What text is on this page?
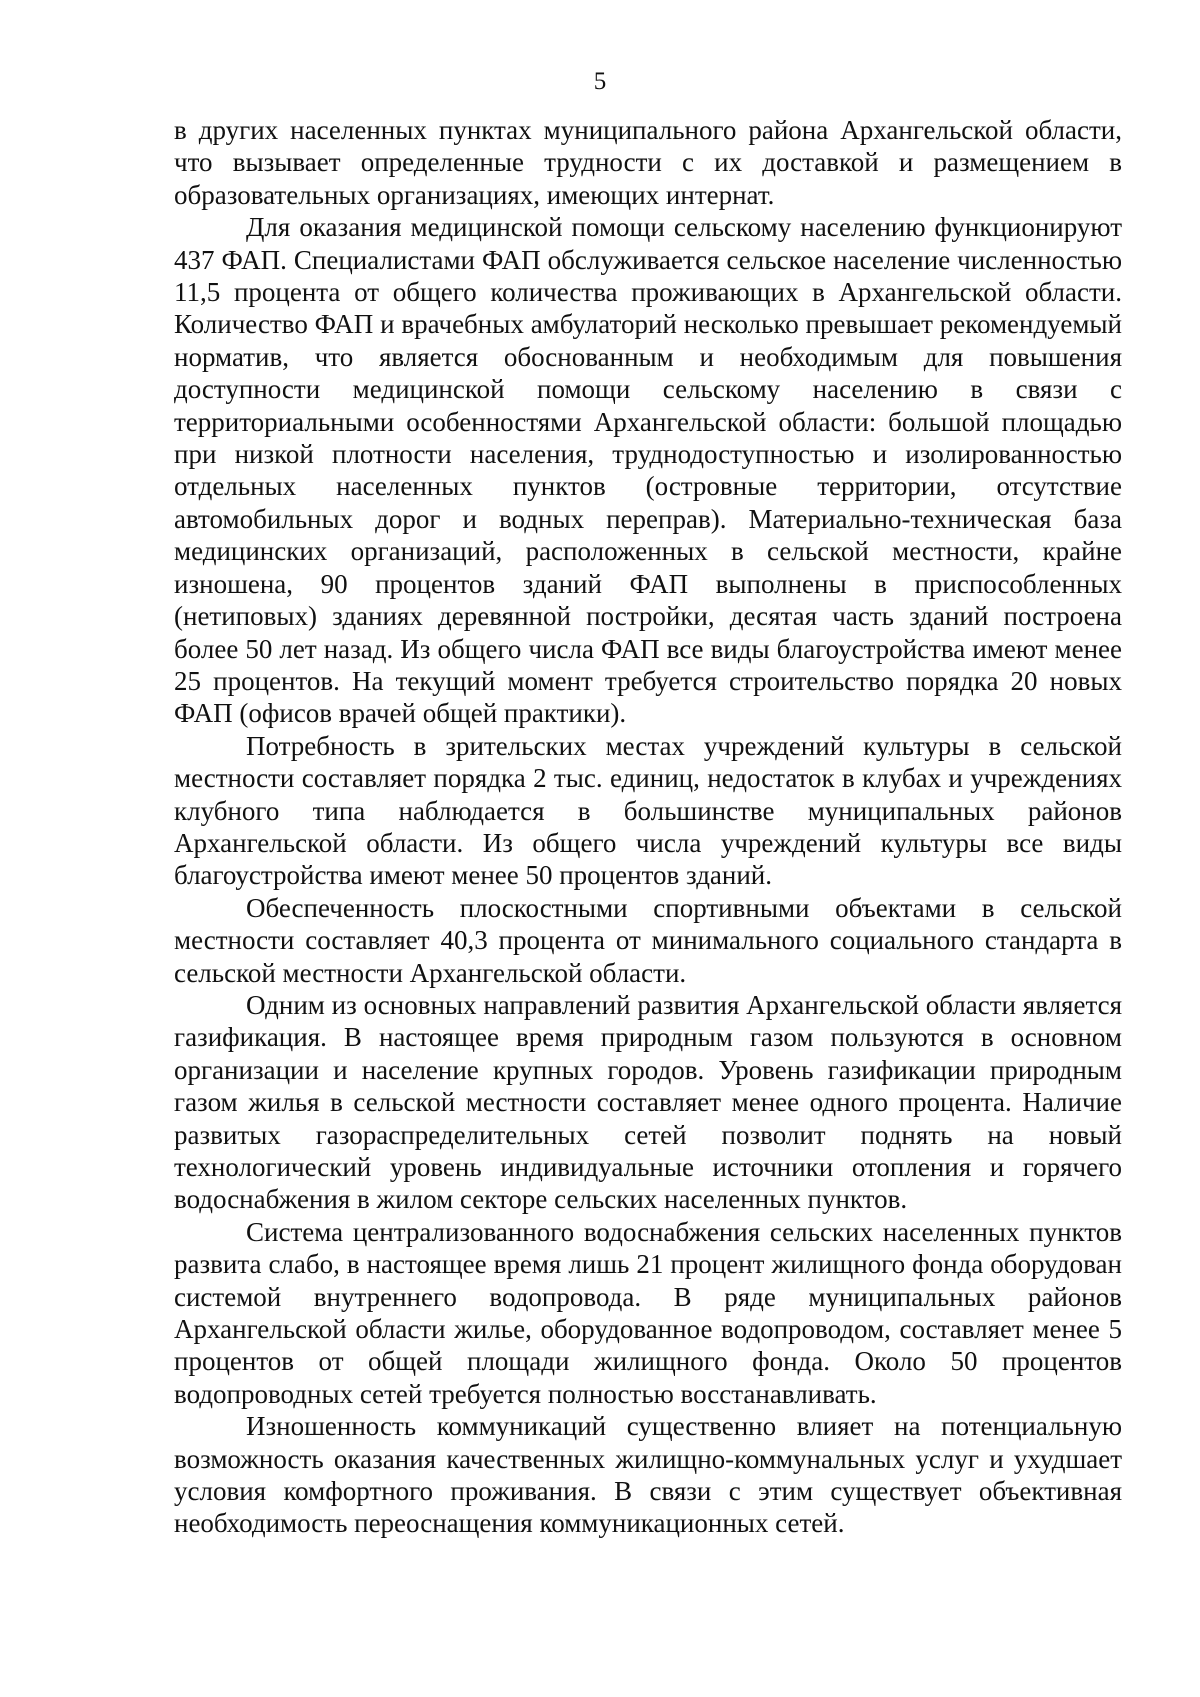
5

в других населенных пунктах муниципального района Архангельской области, что вызывает определенные трудности с их доставкой и размещением в образовательных организациях, имеющих интернат.

Для оказания медицинской помощи сельскому населению функционируют 437 ФАП. Специалистами ФАП обслуживается сельское население численностью 11,5 процента от общего количества проживающих в Архангельской области. Количество ФАП и врачебных амбулаторий несколько превышает рекомендуемый норматив, что является обоснованным и необходимым для повышения доступности медицинской помощи сельскому населению в связи с территориальными особенностями Архангельской области: большой площадью при низкой плотности населения, труднодоступностью и изолированностью отдельных населенных пунктов (островные территории, отсутствие автомобильных дорог и водных переправ). Материально-техническая база медицинских организаций, расположенных в сельской местности, крайне изношена, 90 процентов зданий ФАП выполнены в приспособленных (нетиповых) зданиях деревянной постройки, десятая часть зданий построена более 50 лет назад. Из общего числа ФАП все виды благоустройства имеют менее 25 процентов. На текущий момент требуется строительство порядка 20 новых ФАП (офисов врачей общей практики).

Потребность в зрительских местах учреждений культуры в сельской местности составляет порядка 2 тыс. единиц, недостаток в клубах и учреждениях клубного типа наблюдается в большинстве муниципальных районов Архангельской области. Из общего числа учреждений культуры все виды благоустройства имеют менее 50 процентов зданий.

Обеспеченность плоскостными спортивными объектами в сельской местности составляет 40,3 процента от минимального социального стандарта в сельской местности Архангельской области.

Одним из основных направлений развития Архангельской области является газификация. В настоящее время природным газом пользуются в основном организации и население крупных городов. Уровень газификации природным газом жилья в сельской местности составляет менее одного процента. Наличие развитых газораспределительных сетей позволит поднять на новый технологический уровень индивидуальные источники отопления и горячего водоснабжения в жилом секторе сельских населенных пунктов.

Система централизованного водоснабжения сельских населенных пунктов развита слабо, в настоящее время лишь 21 процент жилищного фонда оборудован системой внутреннего водопровода. В ряде муниципальных районов Архангельской области жилье, оборудованное водопроводом, составляет менее 5 процентов от общей площади жилищного фонда. Около 50 процентов водопроводных сетей требуется полностью восстанавливать.

Изношенность коммуникаций существенно влияет на потенциальную возможность оказания качественных жилищно-коммунальных услуг и ухудшает условия комфортного проживания. В связи с этим существует объективная необходимость переоснащения коммуникационных сетей.
